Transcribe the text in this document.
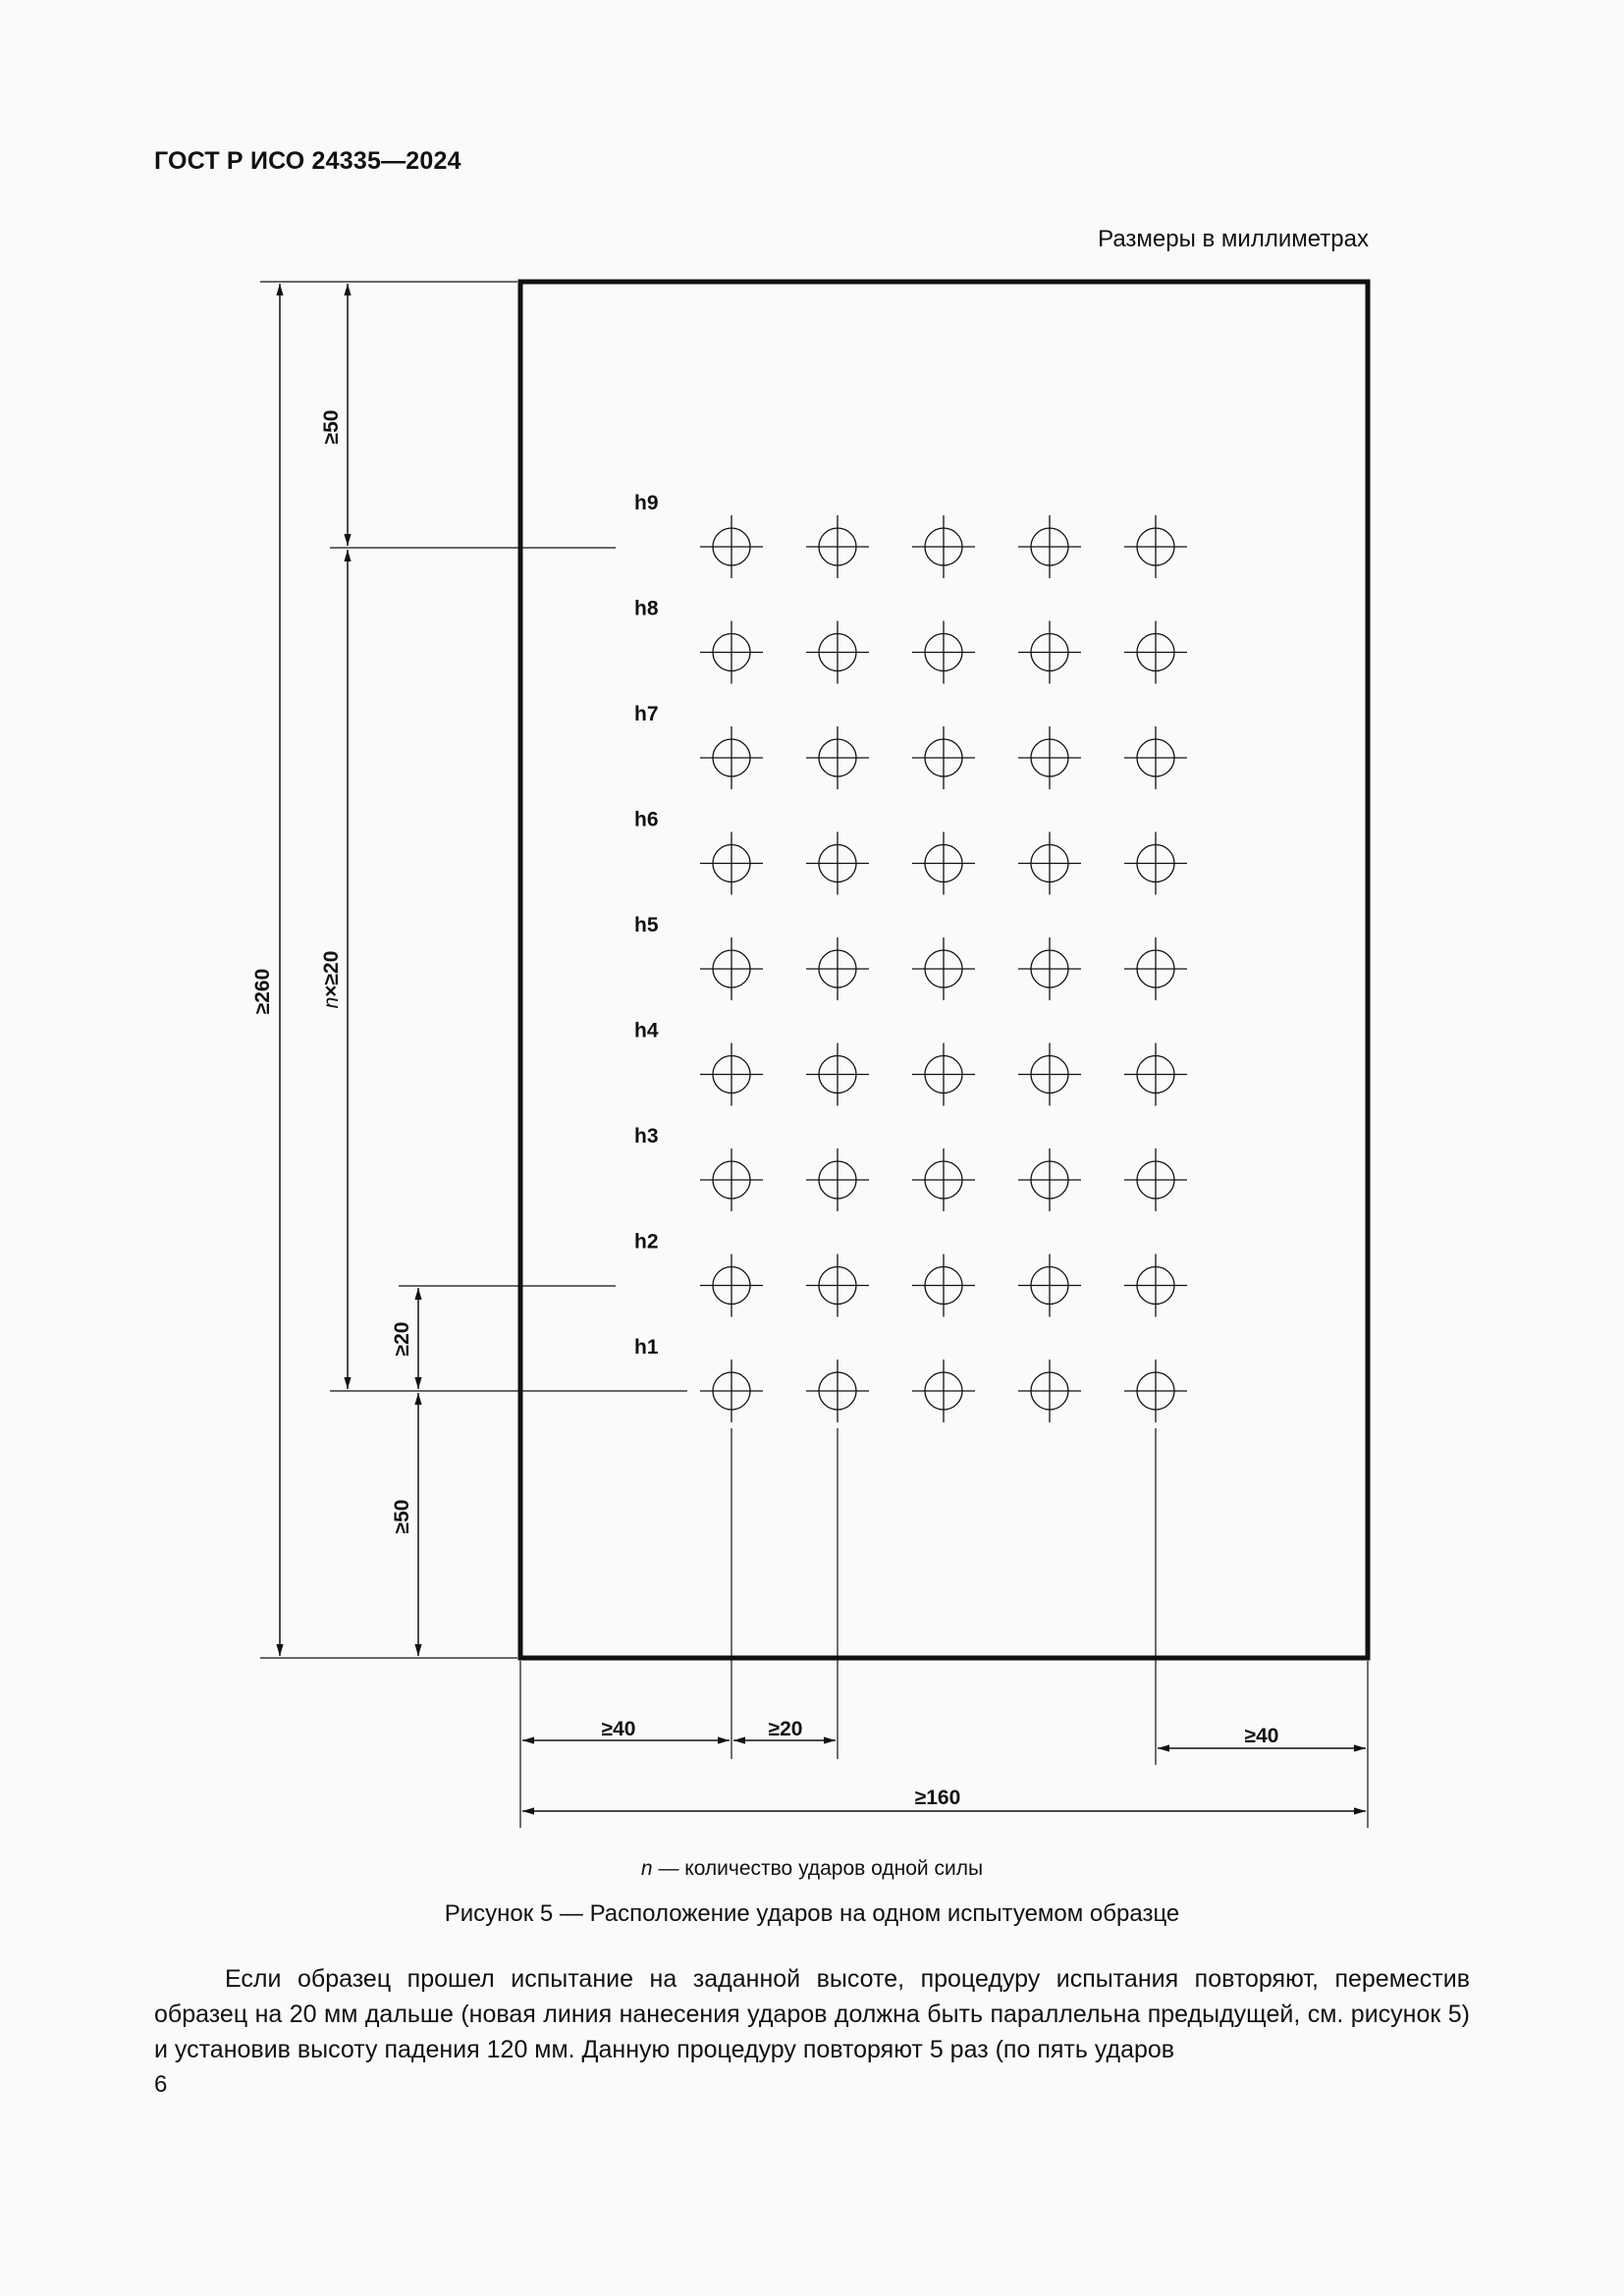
ГОСТ Р ИСО 24335—2024
Размеры в миллиметрах
h9
h8
h7
h6
h5
h4
h3
h2
h1
≥260
≥50
n×≥20
≥20
≥50
≥40	≥20	≥40
≥160
n — количество ударов одной силы
Рисунок 5 — Расположение ударов на одном испытуемом образце

Если образец прошел испытание на заданной высоте, процедуру испытания повторяют, переместив образец на 20 мм дальше (новая линия нанесения ударов должна быть параллельна предыдущей, см. рисунок 5) и установив высоту падения 120 мм. Данную процедуру повторяют 5 раз (по пять ударов

6
